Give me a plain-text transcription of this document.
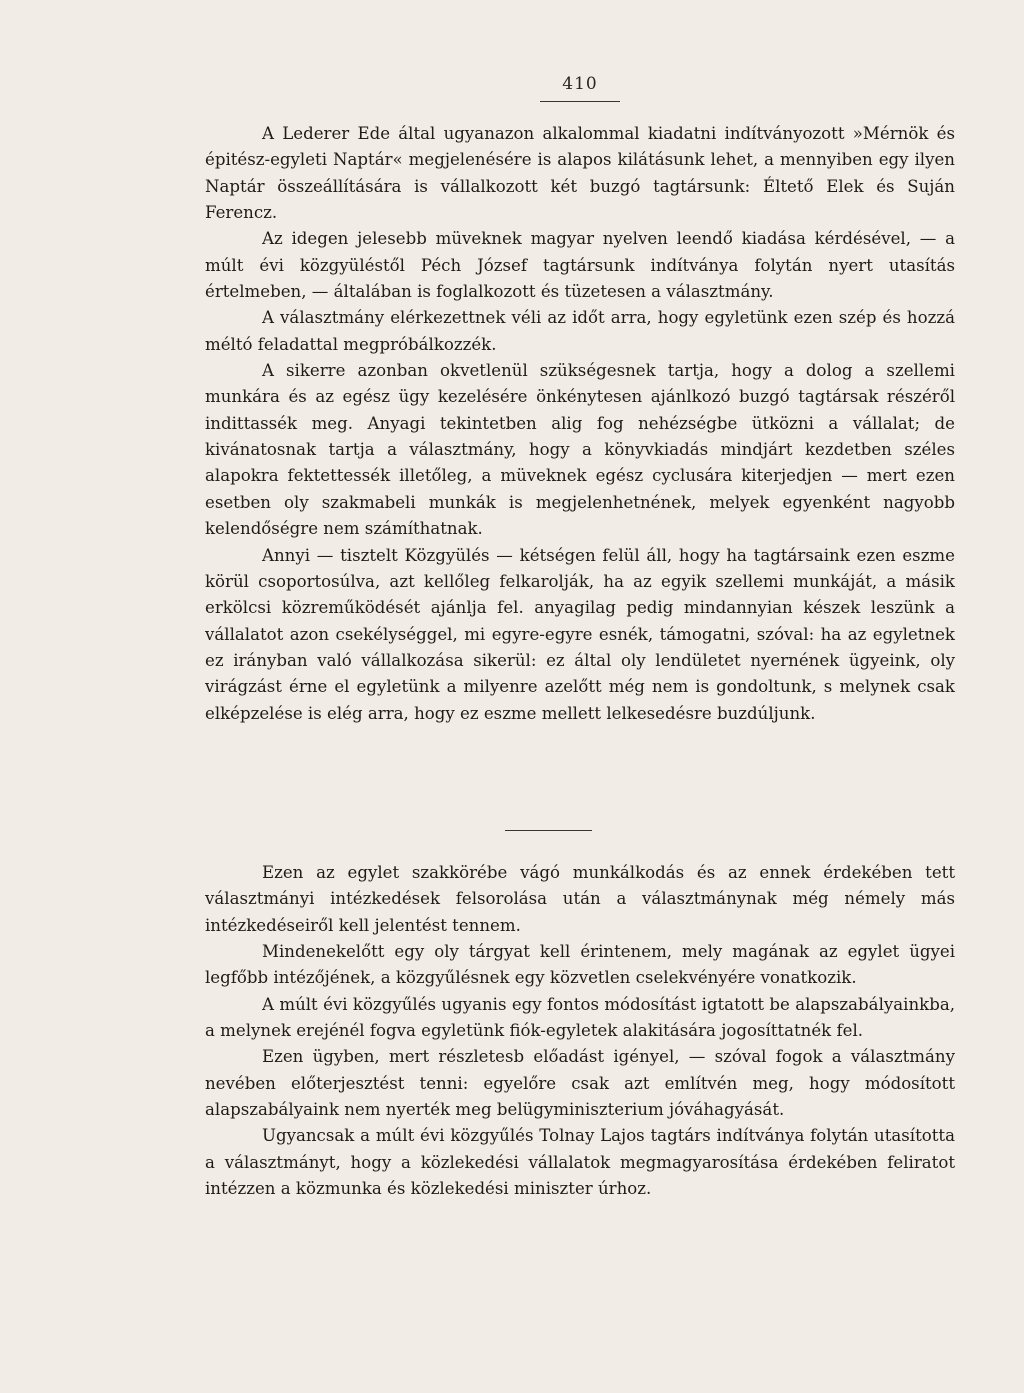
410

A Lederer Ede által ugyanazon alkalommal kiadatni indítványozott »Mérnök és épitész-egyleti Naptár« megjelenésére is alapos kilátásunk lehet, a mennyiben egy ilyen Naptár összeállítására is vállalkozott két buzgó tagtársunk: Éltető Elek és Suján Ferencz.

Az idegen jelesebb müveknek magyar nyelven leendő kiadása kérdésével, — a múlt évi közgyüléstől Péch József tagtársunk indítványa folytán nyert utasítás értelmeben, — általában is foglalkozott és tüzetesen a választmány.

A választmány elérkezettnek véli az időt arra, hogy egyletünk ezen szép és hozzá méltó feladattal megpróbálkozzék.

A sikerre azonban okvetlenül szükségesnek tartja, hogy a dolog a szellemi munkára és az egész ügy kezelésére önkénytesen ajánlkozó buzgó tagtársak részéről indittassék meg. Anyagi tekintetben alig fog nehézségbe ütközni a vállalat; de kivánatosnak tartja a választmány, hogy a könyvkiadás mindjárt kezdetben széles alapokra fektettessék illetőleg, a müveknek egész cyclusára kiterjedjen — mert ezen esetben oly szakmabeli munkák is megjelenhetnének, melyek egyenként nagyobb kelendőségre nem számíthatnak.

Annyi — tisztelt Közgyülés — kétségen felül áll, hogy ha tagtársaink ezen eszme körül csoportosúlva, azt kellőleg felkarolják, ha az egyik szellemi munkáját, a másik erkölcsi közreműködését ajánlja fel. anyagilag pedig mindannyian készek leszünk a vállalatot azon csekélységgel, mi egyre-egyre esnék, támogatni, szóval: ha az egyletnek ez irányban való vállalkozása sikerül: ez által oly lendületet nyernének ügyeink, oly virágzást érne el egyletünk a milyenre azelőtt még nem is gondoltunk, s melynek csak elképzelése is elég arra, hogy ez eszme mellett lelkesedésre buzdúljunk.

Ezen az egylet szakkörébe vágó munkálkodás és az ennek érdekében tett választmányi intézkedések felsorolása után a választmánynak még némely más intézkedéseiről kell jelentést tennem.

Mindenekelőtt egy oly tárgyat kell érintenem, mely magának az egylet ügyei legfőbb intézőjének, a közgyűlésnek egy közvetlen cselekvényére vonatkozik.

A múlt évi közgyűlés ugyanis egy fontos módosítást igtatott be alapszabályainkba, a melynek erejénél fogva egyletünk fiók-egyletek alakitására jogosíttatnék fel.

Ezen ügyben, mert részletesb előadást igényel, — szóval fogok a választmány nevében előterjesztést tenni: egyelőre csak azt említvén meg, hogy módosított alapszabályaink nem nyerték meg belügyminiszterium jóváhagyását.

Ugyancsak a múlt évi közgyűlés Tolnay Lajos tagtárs indítványa folytán utasította a választmányt, hogy a közlekedési vállalatok megmagyarosítása érdekében feliratot intézzen a közmunka és közlekedési miniszter úrhoz.
